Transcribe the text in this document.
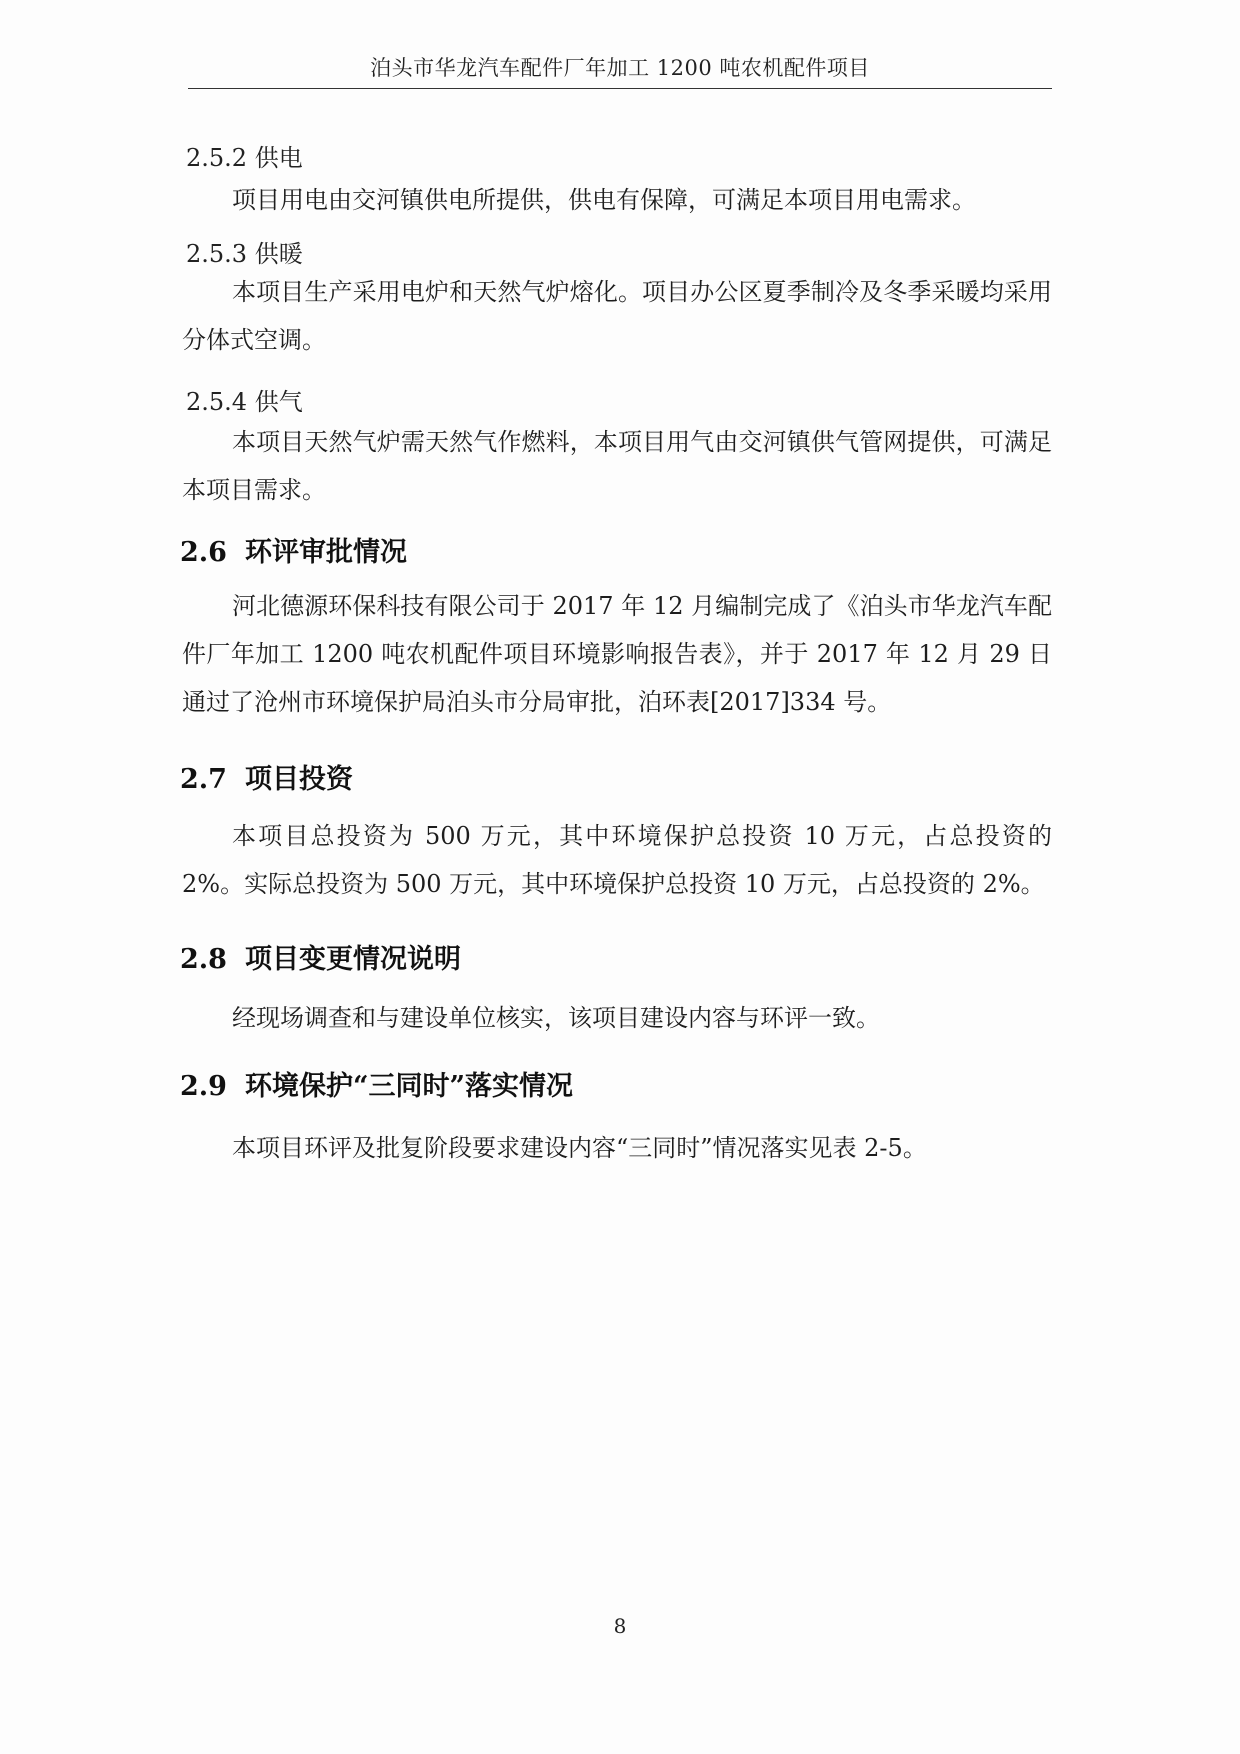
泊头市华龙汽车配件厂年加工 1200 吨农机配件项目
2.5.2 供电
项目用电由交河镇供电所提供，供电有保障，可满足本项目用电需求。
2.5.3 供暖
本项目生产采用电炉和天然气炉熔化。项目办公区夏季制冷及冬季采暖均采用分体式空调。
2.5.4 供气
本项目天然气炉需天然气作燃料，本项目用气由交河镇供气管网提供，可满足本项目需求。
2.6 环评审批情况
河北德源环保科技有限公司于 2017 年 12 月编制完成了《泊头市华龙汽车配件厂年加工 1200 吨农机配件项目环境影响报告表》，并于 2017 年 12 月 29 日通过了沧州市环境保护局泊头市分局审批，泊环表[2017]334 号。
2.7 项目投资
本项目总投资为 500 万元，其中环境保护总投资 10 万元，占总投资的 2%。实际总投资为 500 万元，其中环境保护总投资 10 万元，占总投资的 2%。
2.8 项目变更情况说明
经现场调查和与建设单位核实，该项目建设内容与环评一致。
2.9 环境保护“三同时”落实情况
本项目环评及批复阶段要求建设内容“三同时”情况落实见表 2-5。
8
